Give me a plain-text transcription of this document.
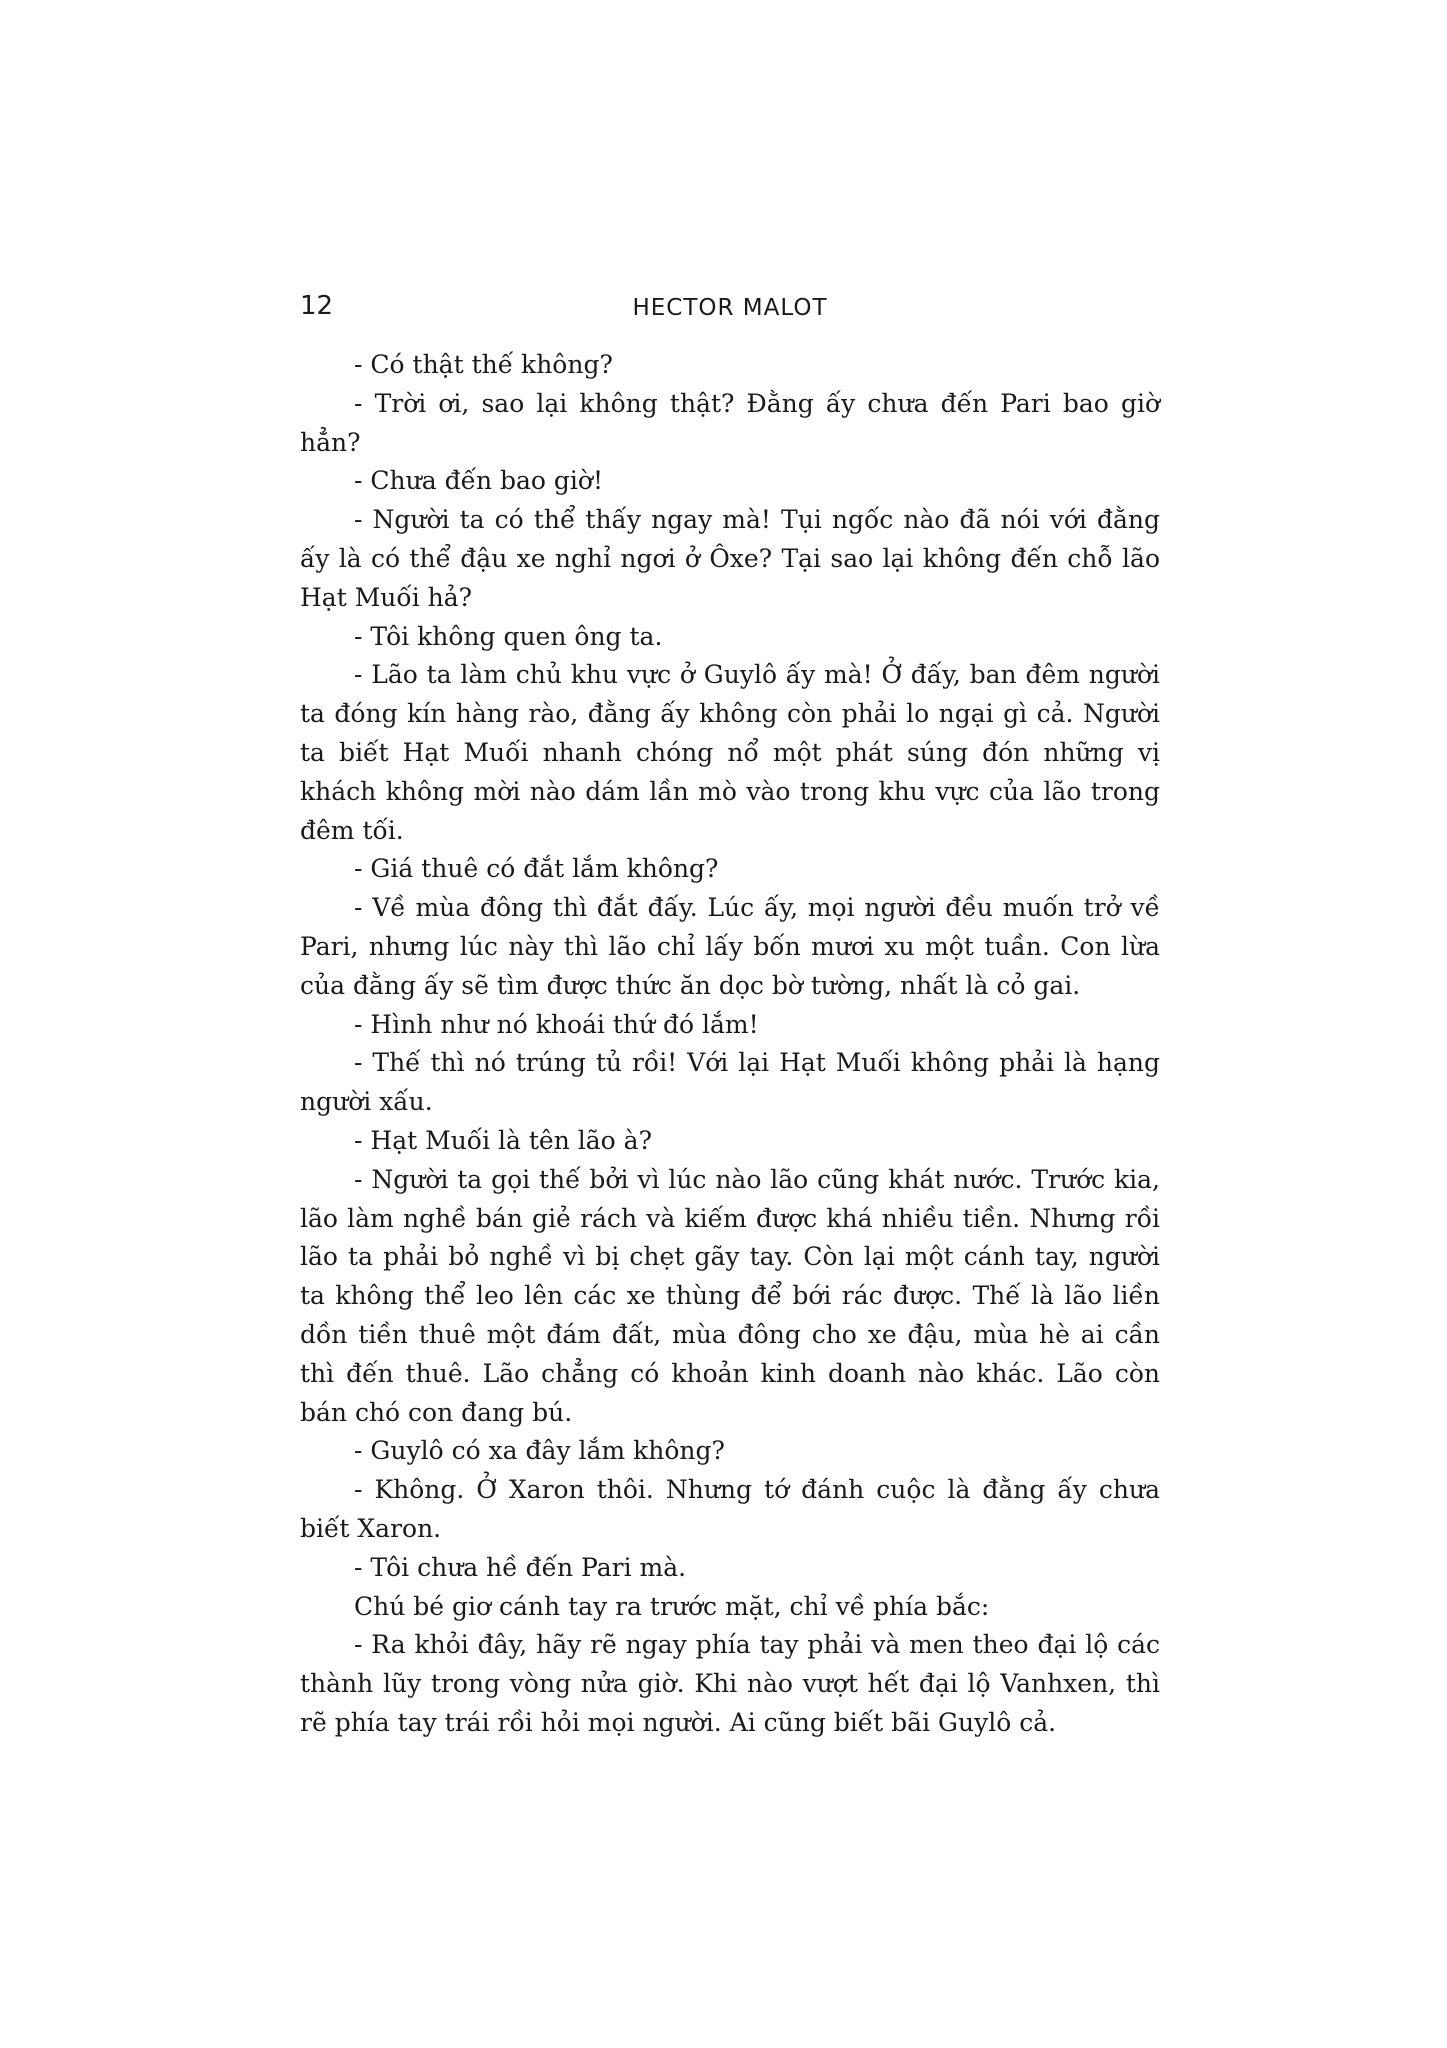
12	HECTOR MALOT

- Có thật thế không?

- Trời ơi, sao lại không thật? Đằng ấy chưa đến Pari bao giờ hẳn?

- Chưa đến bao giờ!

- Người ta có thể thấy ngay mà! Tụi ngốc nào đã nói với đằng ấy là có thể đậu xe nghỉ ngơi ở Ôxe? Tại sao lại không đến chỗ lão Hạt Muối hả?

- Tôi không quen ông ta.

- Lão ta làm chủ khu vực ở Guylô ấy mà! Ở đấy, ban đêm người ta đóng kín hàng rào, đằng ấy không còn phải lo ngại gì cả. Người ta biết Hạt Muối nhanh chóng nổ một phát súng đón những vị khách không mời nào dám lần mò vào trong khu vực của lão trong đêm tối.

- Giá thuê có đắt lắm không?

- Về mùa đông thì đắt đấy. Lúc ấy, mọi người đều muốn trở về Pari, nhưng lúc này thì lão chỉ lấy bốn mươi xu một tuần. Con lừa của đằng ấy sẽ tìm được thức ăn dọc bờ tường, nhất là cỏ gai.

- Hình như nó khoái thứ đó lắm!

- Thế thì nó trúng tủ rồi! Với lại Hạt Muối không phải là hạng người xấu.

- Hạt Muối là tên lão à?

- Người ta gọi thế bởi vì lúc nào lão cũng khát nước. Trước kia, lão làm nghề bán giẻ rách và kiếm được khá nhiều tiền. Nhưng rồi lão ta phải bỏ nghề vì bị chẹt gãy tay. Còn lại một cánh tay, người ta không thể leo lên các xe thùng để bới rác được. Thế là lão liền dồn tiền thuê một đám đất, mùa đông cho xe đậu, mùa hè ai cần thì đến thuê. Lão chẳng có khoản kinh doanh nào khác. Lão còn bán chó con đang bú.

- Guylô có xa đây lắm không?

- Không. Ở Xaron thôi. Nhưng tớ đánh cuộc là đằng ấy chưa biết Xaron.

- Tôi chưa hề đến Pari mà.

Chú bé giơ cánh tay ra trước mặt, chỉ về phía bắc:

- Ra khỏi đây, hãy rẽ ngay phía tay phải và men theo đại lộ các thành lũy trong vòng nửa giờ. Khi nào vượt hết đại lộ Vanhxen, thì rẽ phía tay trái rồi hỏi mọi người. Ai cũng biết bãi Guylô cả.
